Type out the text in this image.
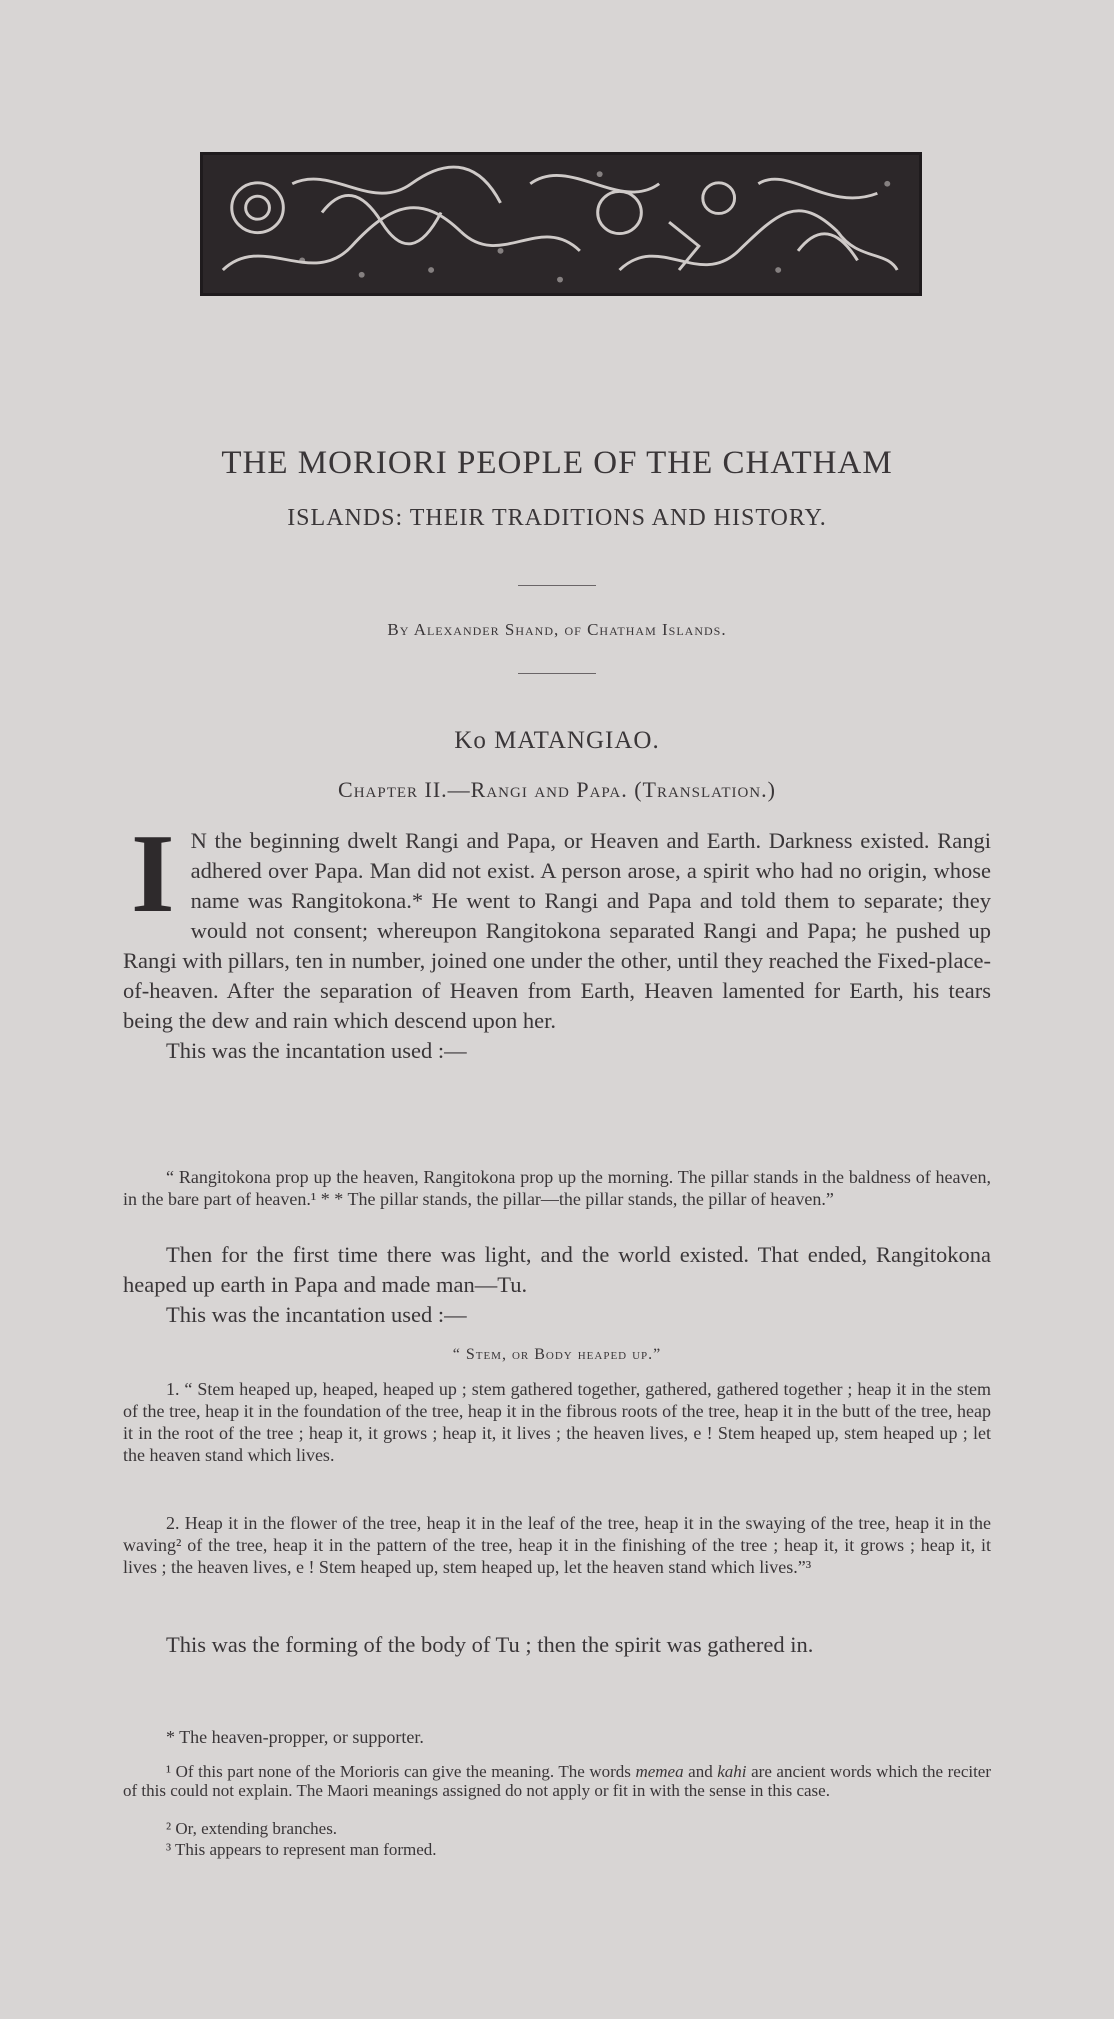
THE MORIORI PEOPLE OF THE CHATHAM
ISLANDS: THEIR TRADITIONS AND HISTORY.
By Alexander Shand, of Chatham Islands.
Ko MATANGIAO.
Chapter II.—Rangi and Papa. (Translation.)
I N the beginning dwelt Rangi and Papa, or Heaven and Earth. Darkness existed. Rangi adhered over Papa. Man did not exist. A person arose, a spirit who had no origin, whose name was Rangitokona.* He went to Rangi and Papa and told them to separate; they would not consent; whereupon Rangitokona separated Rangi and Papa; he pushed up Rangi with pillars, ten in number, joined one under the other, until they reached the Fixed-place-of-heaven. After the separation of Heaven from Earth, Heaven lamented for Earth, his tears being the dew and rain which descend upon her.
This was the incantation used :—
“ Rangitokona prop up the heaven, Rangitokona prop up the morning. The pillar stands in the baldness of heaven, in the bare part of heaven.¹ * * The pillar stands, the pillar—the pillar stands, the pillar of heaven.”
Then for the first time there was light, and the world existed. That ended, Rangitokona heaped up earth in Papa and made man—Tu.
This was the incantation used :—
“ Stem, or Body heaped up.”
1. “ Stem heaped up, heaped, heaped up ; stem gathered together, gathered, gathered together ; heap it in the stem of the tree, heap it in the foundation of the tree, heap it in the fibrous roots of the tree, heap it in the butt of the tree, heap it in the root of the tree ; heap it, it grows ; heap it, it lives ; the heaven lives, e ! Stem heaped up, stem heaped up ; let the heaven stand which lives.
2. Heap it in the flower of the tree, heap it in the leaf of the tree, heap it in the swaying of the tree, heap it in the waving² of the tree, heap it in the pattern of the tree, heap it in the finishing of the tree ; heap it, it grows ; heap it, it lives ; the heaven lives, e ! Stem heaped up, stem heaped up, let the heaven stand which lives.”³
This was the forming of the body of Tu ; then the spirit was gathered in.
* The heaven-propper, or supporter.
¹ Of this part none of the Morioris can give the meaning. The words memea and kahi are ancient words which the reciter of this could not explain. The Maori meanings assigned do not apply or fit in with the sense in this case.
² Or, extending branches.
³ This appears to represent man formed.
